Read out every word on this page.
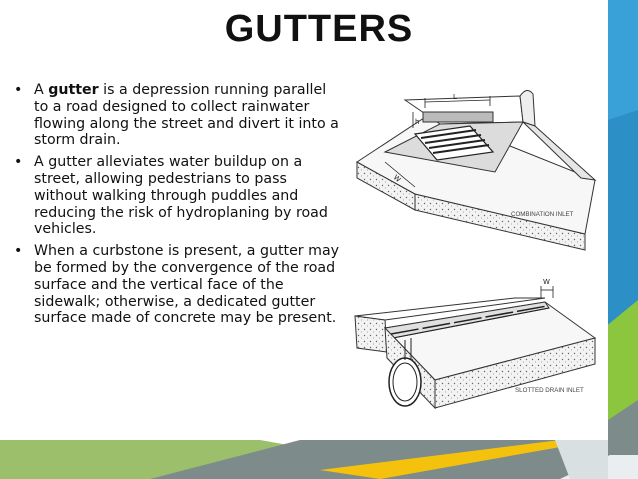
GUTTERS
• A gutter is a depression running parallel to a road designed to collect rainwater flowing along the street and divert it into a storm drain.
• A gutter alleviates water buildup on a street, allowing pedestrians to pass without walking through puddles and reducing the risk of hydroplaning by road vehicles.
• When a curbstone is present, a gutter may be formed by the convergence of the road surface and the vertical face of the sidewalk; otherwise, a dedicated gutter surface made of concrete may be present.
L
h
W
COMBINATION INLET
W
SLOTTED DRAIN INLET
